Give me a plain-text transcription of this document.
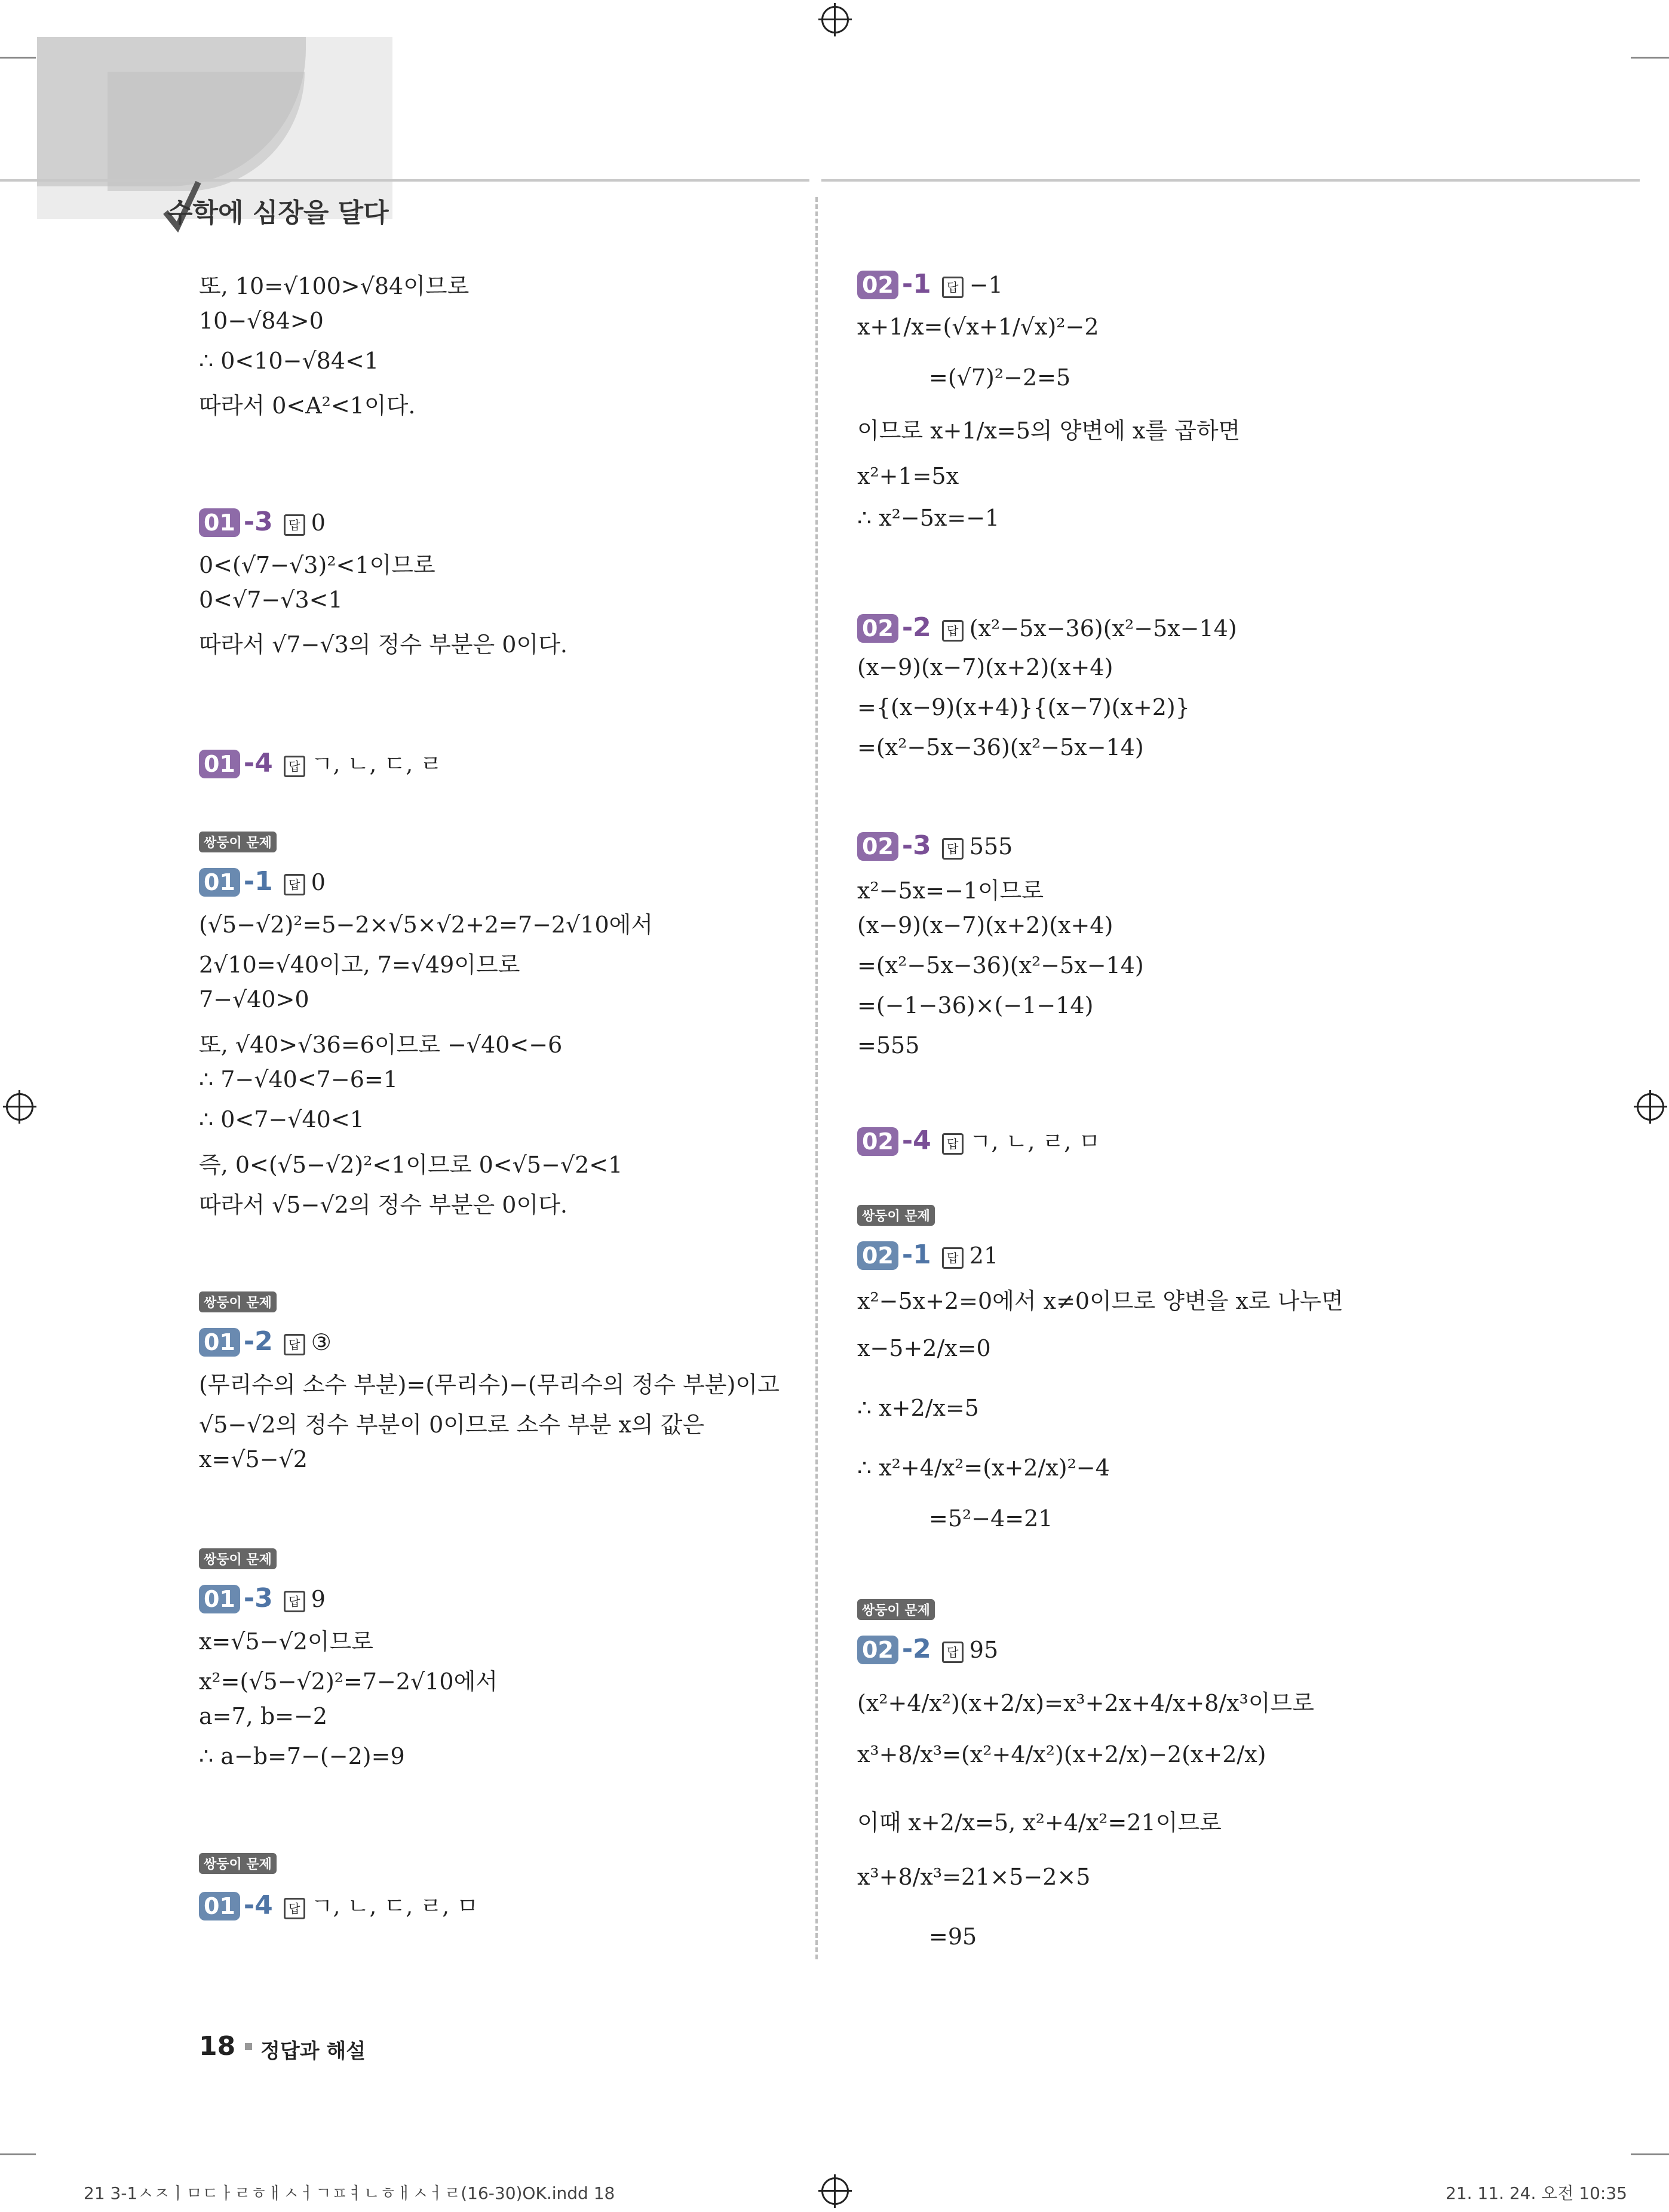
수학에 심장을 달다
18 정답과 해설
21 3-1ㅅㅈㅣㅁㄷㅏㄹㅎㅐㅅㅓㄱㅍㅕㄴㅎㅐㅅㅓㄹ(16-30)OK.indd 18	21. 11. 24. 오전 10:35
또, 10=√100>√84이므로
10−√84>0
∴ 0<10−√84<1
따라서 0<A²<1이다.
01 -3 답 0
0<(√7−√3)²<1이므로
0<√7−√3<1
따라서 √7−√3의 정수 부분은 0이다.
01 -4 답 ㄱ, ㄴ, ㄷ, ㄹ
쌍둥이 문제
01 -1 답 0
(√5−√2)²=5−2×√5×√2+2=7−2√10에서
2√10=√40이고, 7=√49이므로
7−√40>0
또, √40>√36=6이므로 −√40<−6
∴ 7−√40<7−6=1
∴ 0<7−√40<1
즉, 0<(√5−√2)²<1이므로 0<√5−√2<1
따라서 √5−√2의 정수 부분은 0이다.
쌍둥이 문제
01 -2 답 ③
(무리수의 소수 부분)=(무리수)−(무리수의 정수 부분)이고
√5−√2의 정수 부분이 0이므로 소수 부분 x의 값은
x=√5−√2
쌍둥이 문제
01 -3 답 9
x=√5−√2이므로
x²=(√5−√2)²=7−2√10에서
a=7, b=−2
∴ a−b=7−(−2)=9
쌍둥이 문제
01 -4 답 ㄱ, ㄴ, ㄷ, ㄹ, ㅁ
02 -1 답 −1
x+1/x=(√x+1/√x)²−2
=(√7)²−2=5
이므로 x+1/x=5의 양변에 x를 곱하면
x²+1=5x
∴ x²−5x=−1
02 -2 답 (x²−5x−36)(x²−5x−14)
(x−9)(x−7)(x+2)(x+4)
={(x−9)(x+4)}{(x−7)(x+2)}
=(x²−5x−36)(x²−5x−14)
02 -3 답 555
x²−5x=−1이므로
(x−9)(x−7)(x+2)(x+4)
=(x²−5x−36)(x²−5x−14)
=(−1−36)×(−1−14)
=555
02 -4 답 ㄱ, ㄴ, ㄹ, ㅁ
쌍둥이 문제
02 -1 답 21
x²−5x+2=0에서 x≠0이므로 양변을 x로 나누면
x−5+2/x=0
∴ x+2/x=5
∴ x²+4/x²=(x+2/x)²−4
=5²−4=21
쌍둥이 문제
02 -2 답 95
(x²+4/x²)(x+2/x)=x³+2x+4/x+8/x³이므로
x³+8/x³=(x²+4/x²)(x+2/x)−2(x+2/x)
이때 x+2/x=5, x²+4/x²=21이므로
x³+8/x³=21×5−2×5
=95
